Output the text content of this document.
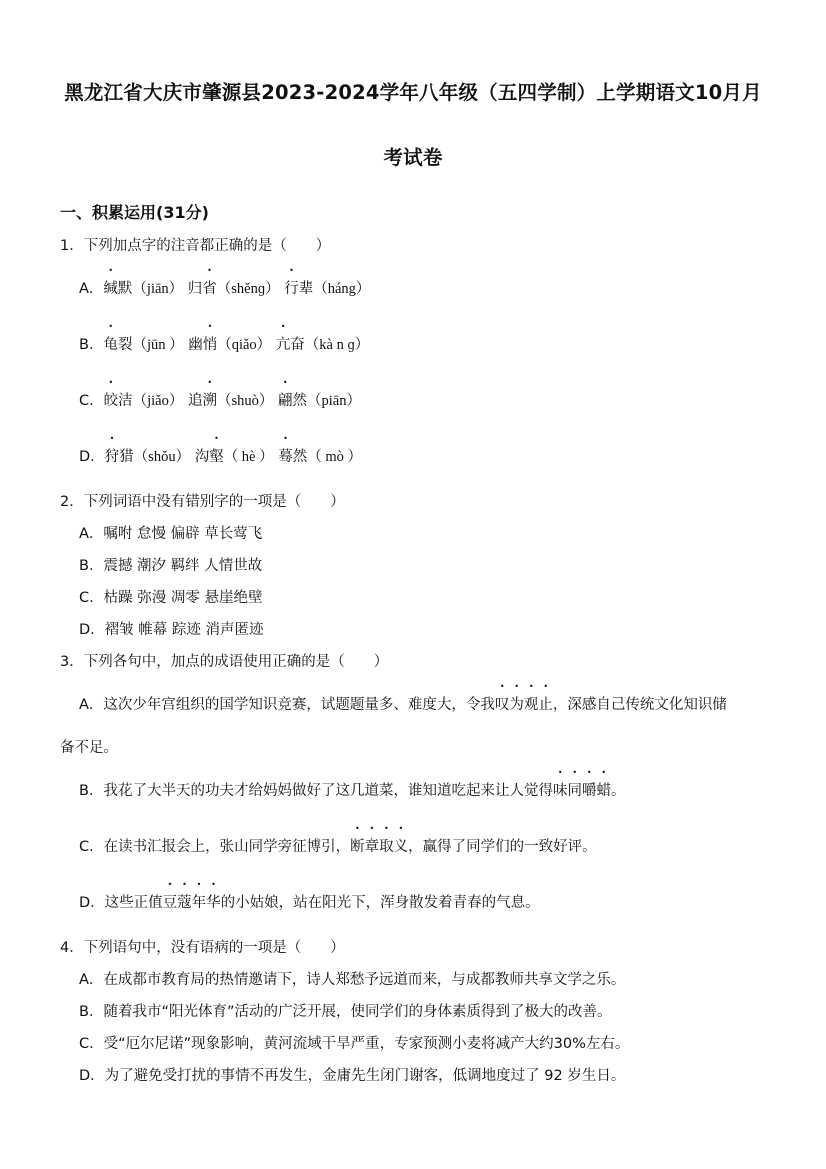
黑龙江省大庆市肇源县2023-2024学年八年级（五四学制）上学期语文10月月
考试卷
一、积累运用(31分)
1．下列加点字的注音都正确的是（　　）
A．缄默（jiān） 归省（shěnɡ） 行辈（háng）
B．龟裂（jūn ） 幽悄（qiǎo） 亢奋（kà n ɡ）
C．皎洁（jiǎo） 追溯（shuò） 翩然（piān）
D．狩猎（shǒu） 沟壑（ hè ） 蓦然（ mò ）
2．下列词语中没有错别字的一项是（　　）
A．嘱咐 怠慢 偏辟 草长莺飞
B．震撼 潮汐 羁绊 人情世故
C．枯躁 弥漫 凋零 悬崖绝壁
D．褶皱 帷幕 踪迹 消声匿迹
3．下列各句中，加点的成语使用正确的是（　　）
A．这次少年宫组织的国学知识竞赛，试题题量多、难度大，令我叹为观止，深感自己传统文化知识储
备不足。
B．我花了大半天的功夫才给妈妈做好了这几道菜，谁知道吃起来让人觉得味同嚼蜡。
C．在读书汇报会上，张山同学旁征博引，断章取义，赢得了同学们的一致好评。
D．这些正值豆蔻年华的小姑娘，站在阳光下，浑身散发着青春的气息。
4．下列语句中，没有语病的一项是（　　）
A．在成都市教育局的热情邀请下，诗人郑愁予远道而来，与成都教师共享文学之乐。
B．随着我市“阳光体育”活动的广泛开展，使同学们的身体素质得到了极大的改善。
C．受“厄尔尼诺”现象影响，黄河流域干旱严重，专家预测小麦将减产大约30%左右。
D．为了避免受打扰的事情不再发生，金庸先生闭门谢客，低调地度过了 92 岁生日。
